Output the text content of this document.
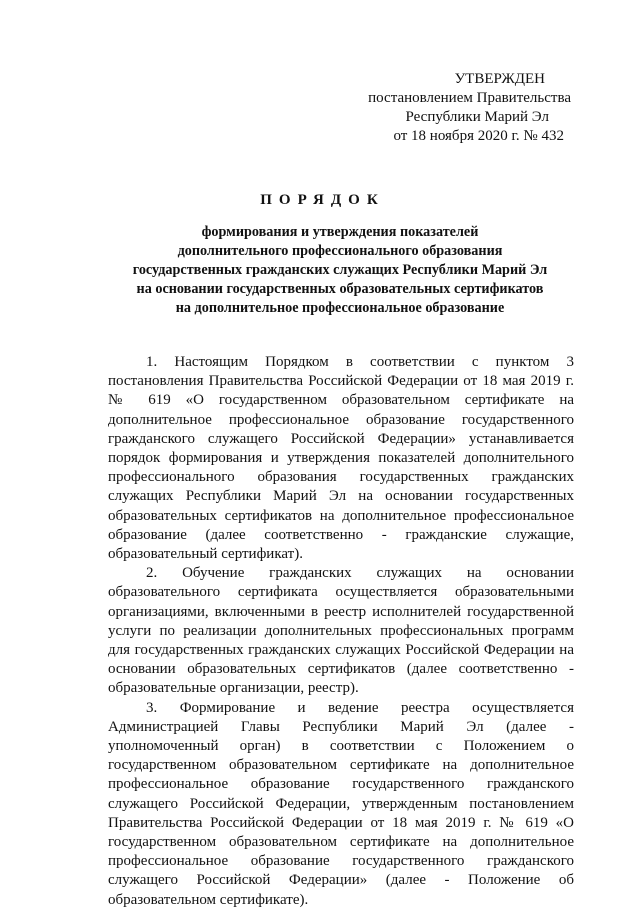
УТВЕРЖДЕН
постановлением Правительства
Республики Марий Эл
от 18 ноября 2020 г. № 432
ПОРЯДОК
формирования и утверждения показателей
дополнительного профессионального образования
государственных гражданских служащих Республики Марий Эл
на основании государственных образовательных сертификатов
на дополнительное профессиональное образование

1. Настоящим Порядком в соответствии с пунктом 3 постановления Правительства Российской Федерации от 18 мая 2019 г. № 619 «О государственном образовательном сертификате на дополнительное профессиональное образование государственного гражданского служащего Российской Федерации» устанавливается порядок формирования и утверждения показателей дополнительного профессионального образования государственных гражданских служащих Республики Марий Эл на основании государственных образовательных сертификатов на дополнительное профессиональное образование (далее соответственно - гражданские служащие, образовательный сертификат).

2. Обучение гражданских служащих на основании образовательного сертификата осуществляется образовательными организациями, включенными в реестр исполнителей государственной услуги по реализации дополнительных профессиональных программ для государственных гражданских служащих Российской Федерации на основании образовательных сертификатов (далее соответственно - образовательные организации, реестр).

3. Формирование и ведение реестра осуществляется Администрацией Главы Республики Марий Эл (далее - уполномоченный орган) в соответствии с Положением о государственном образовательном сертификате на дополнительное профессиональное образование государственного гражданского служащего Российской Федерации, утвержденным постановлением Правительства Российской Федерации от 18 мая 2019 г. № 619 «О государственном образовательном сертификате на дополнительное профессиональное образование государственного гражданского служащего Российской Федерации» (далее - Положение об образовательном сертификате).
